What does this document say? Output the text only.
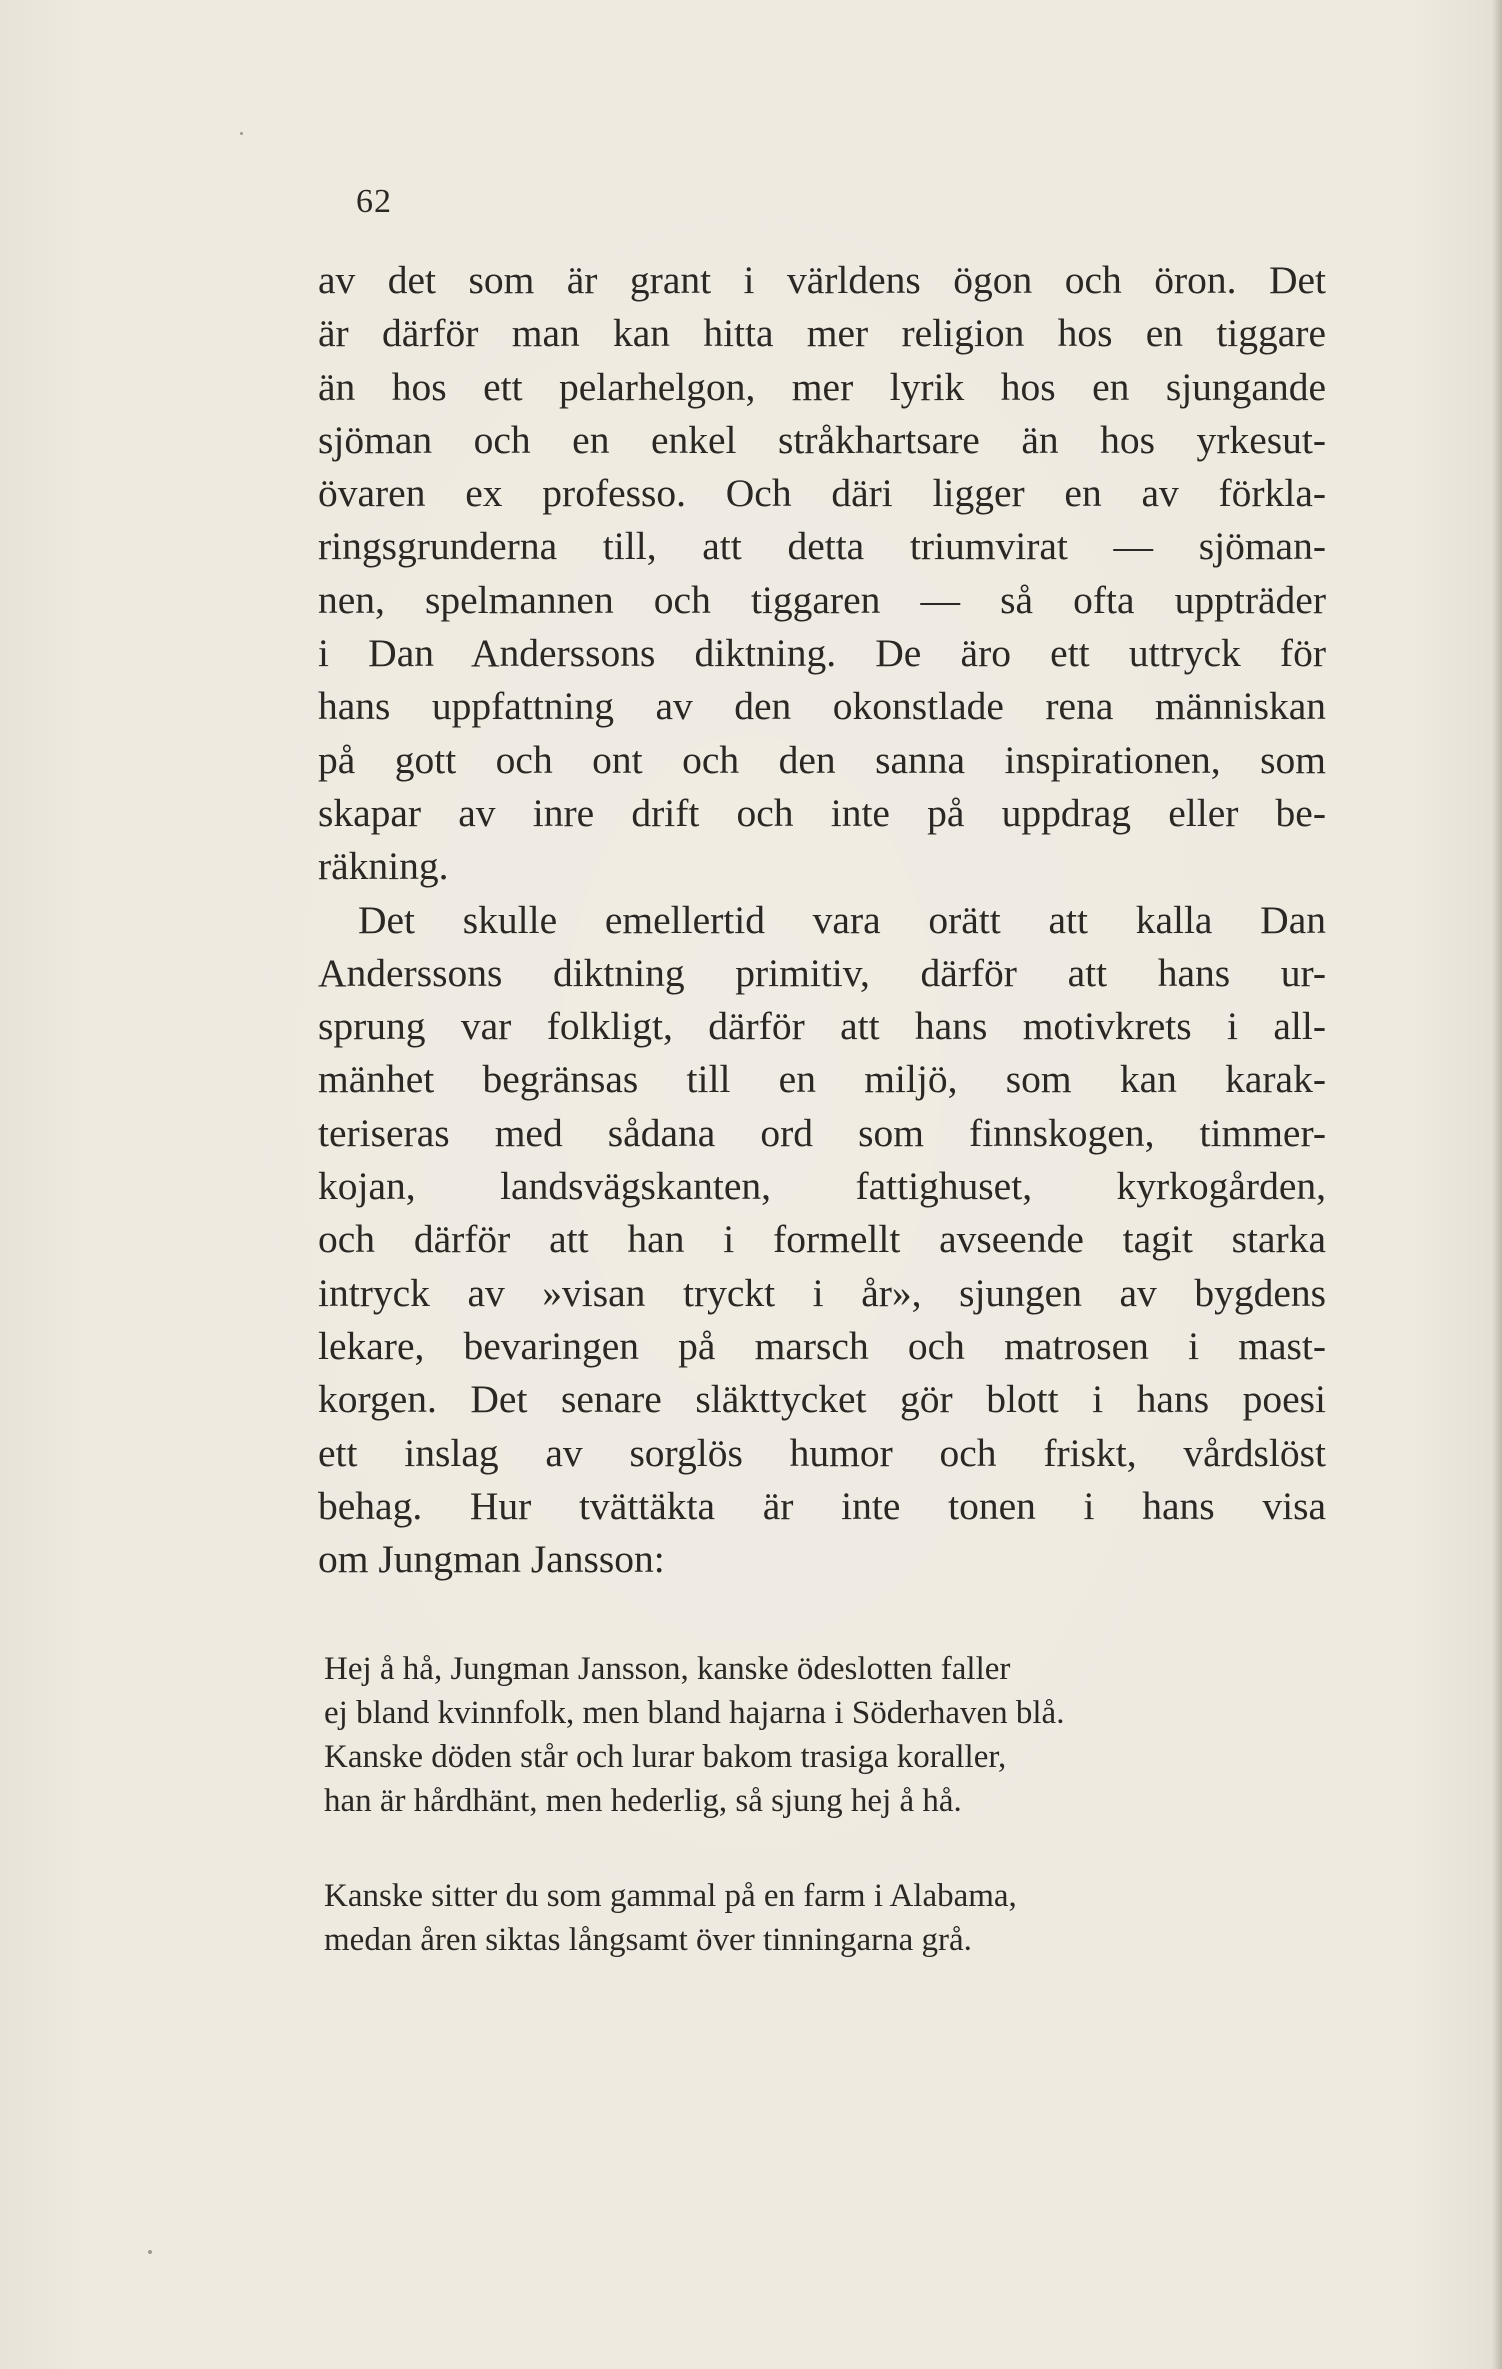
62
av det som är grant i världens ögon och öron. Det
är därför man kan hitta mer religion hos en tiggare
än hos ett pelarhelgon, mer lyrik hos en sjungande
sjöman och en enkel stråkhartsare än hos yrkesut-
övaren ex professo. Och däri ligger en av förkla-
ringsgrunderna till, att detta triumvirat — sjöman-
nen, spelmannen och tiggaren — så ofta uppträder
i Dan Anderssons diktning. De äro ett uttryck för
hans uppfattning av den okonstlade rena människan
på gott och ont och den sanna inspirationen, som
skapar av inre drift och inte på uppdrag eller be-
räkning.
Det skulle emellertid vara orätt att kalla Dan
Anderssons diktning primitiv, därför att hans ur-
sprung var folkligt, därför att hans motivkrets i all-
mänhet begränsas till en miljö, som kan karak-
teriseras med sådana ord som finnskogen, timmer-
kojan, landsvägskanten, fattighuset, kyrkogården,
och därför att han i formellt avseende tagit starka
intryck av »visan tryckt i år», sjungen av bygdens
lekare, bevaringen på marsch och matrosen i mast-
korgen. Det senare släkttycket gör blott i hans poesi
ett inslag av sorglös humor och friskt, vårdslöst
behag. Hur tvättäkta är inte tonen i hans visa
om Jungman Jansson:
Hej å hå, Jungman Jansson, kanske ödeslotten faller
ej bland kvinnfolk, men bland hajarna i Söderhaven blå.
Kanske döden står och lurar bakom trasiga koraller,
han är hårdhänt, men hederlig, så sjung hej å hå.
Kanske sitter du som gammal på en farm i Alabama,
medan åren siktas långsamt över tinningarna grå.
